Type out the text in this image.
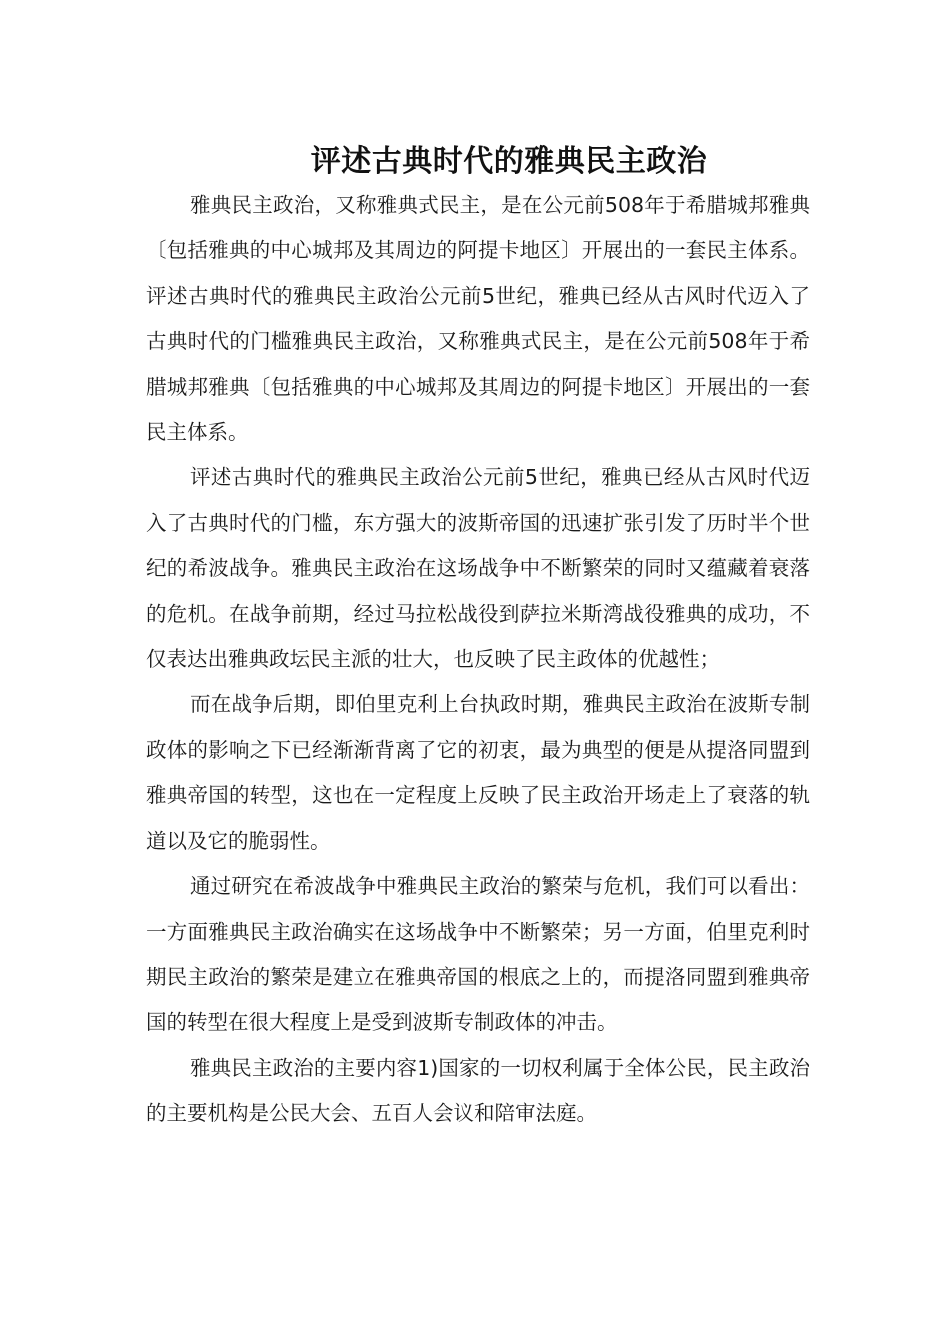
评述古典时代的雅典民主政治

雅典民主政治，又称雅典式民主，是在公元前508年于希腊城邦雅典〔包括雅典的中心城邦及其周边的阿提卡地区〕开展出的一套民主体系。评述古典时代的雅典民主政治公元前5世纪，雅典已经从古风时代迈入了古典时代的门槛雅典民主政治，又称雅典式民主，是在公元前508年于希腊城邦雅典〔包括雅典的中心城邦及其周边的阿提卡地区〕开展出的一套民主体系。

评述古典时代的雅典民主政治公元前5世纪，雅典已经从古风时代迈入了古典时代的门槛，东方强大的波斯帝国的迅速扩张引发了历时半个世纪的希波战争。雅典民主政治在这场战争中不断繁荣的同时又蕴藏着衰落的危机。在战争前期，经过马拉松战役到萨拉米斯湾战役雅典的成功，不仅表达出雅典政坛民主派的壮大，也反映了民主政体的优越性；

而在战争后期，即伯里克利上台执政时期，雅典民主政治在波斯专制政体的影响之下已经渐渐背离了它的初衷，最为典型的便是从提洛同盟到雅典帝国的转型，这也在一定程度上反映了民主政治开场走上了衰落的轨道以及它的脆弱性。

通过研究在希波战争中雅典民主政治的繁荣与危机，我们可以看出：一方面雅典民主政治确实在这场战争中不断繁荣；另一方面，伯里克利时期民主政治的繁荣是建立在雅典帝国的根底之上的，而提洛同盟到雅典帝国的转型在很大程度上是受到波斯专制政体的冲击。

雅典民主政治的主要内容1)国家的一切权利属于全体公民，民主政治的主要机构是公民大会、五百人会议和陪审法庭。
